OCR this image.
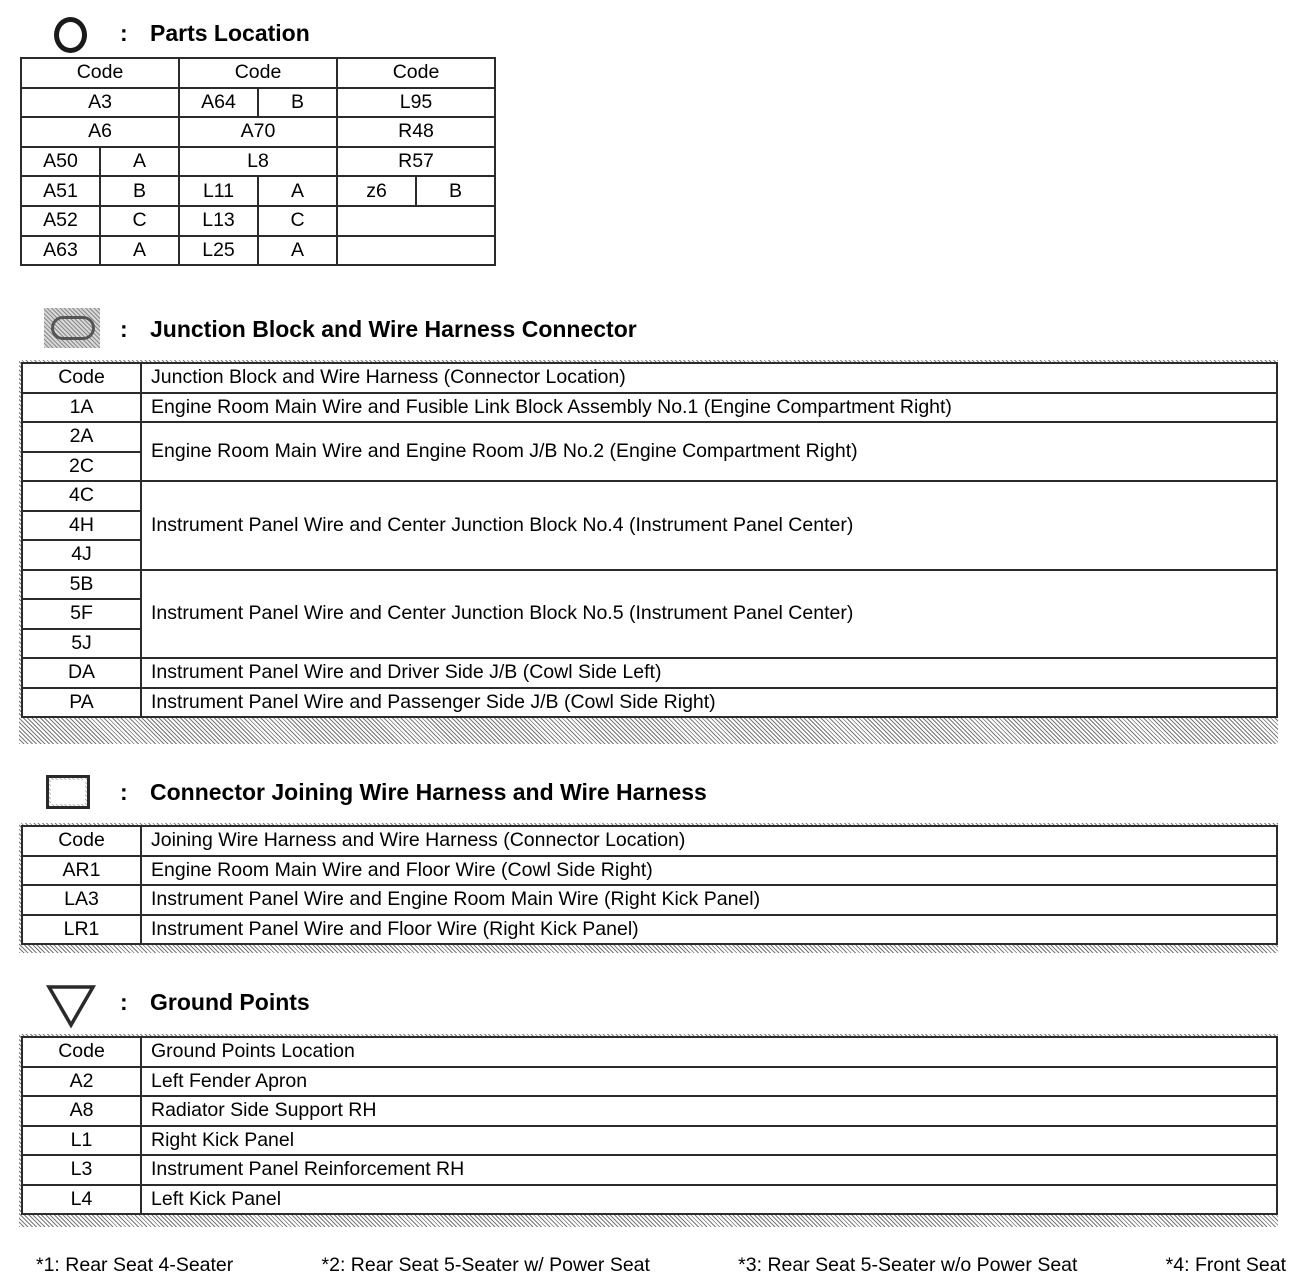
: Parts Location
Code		Code		Code	
A3		A64	B	L95	
A6		A70		R48	
A50	A	L8		R57	
A51	B	L11	A	z6	B
A52	C	L13	C		
A63	A	L25	A		
: Junction Block and Wire Harness Connector
Code	Junction Block and Wire Harness (Connector Location)
1A	Engine Room Main Wire and Fusible Link Block Assembly No.1 (Engine Compartment Right)
2A	Engine Room Main Wire and Engine Room J/B No.2 (Engine Compartment Right)
2C	
4C	Instrument Panel Wire and Center Junction Block No.4 (Instrument Panel Center)
4H	
4J	
5B	Instrument Panel Wire and Center Junction Block No.5 (Instrument Panel Center)
5F	
5J	
DA	Instrument Panel Wire and Driver Side J/B (Cowl Side Left)
PA	Instrument Panel Wire and Passenger Side J/B (Cowl Side Right)
: Connector Joining Wire Harness and Wire Harness
Code	Joining Wire Harness and Wire Harness (Connector Location)
AR1	Engine Room Main Wire and Floor Wire (Cowl Side Right)
LA3	Instrument Panel Wire and Engine Room Main Wire (Right Kick Panel)
LR1	Instrument Panel Wire and Floor Wire (Right Kick Panel)
: Ground Points
Code	Ground Points Location
A2	Left Fender Apron
A8	Radiator Side Support RH
L1	Right Kick Panel
L3	Instrument Panel Reinforcement RH
L4	Left Kick Panel
*1: Rear Seat 4-Seater	*2: Rear Seat 5-Seater w/ Power Seat	*3: Rear Seat 5-Seater w/o Power Seat	*4: Front Seat
